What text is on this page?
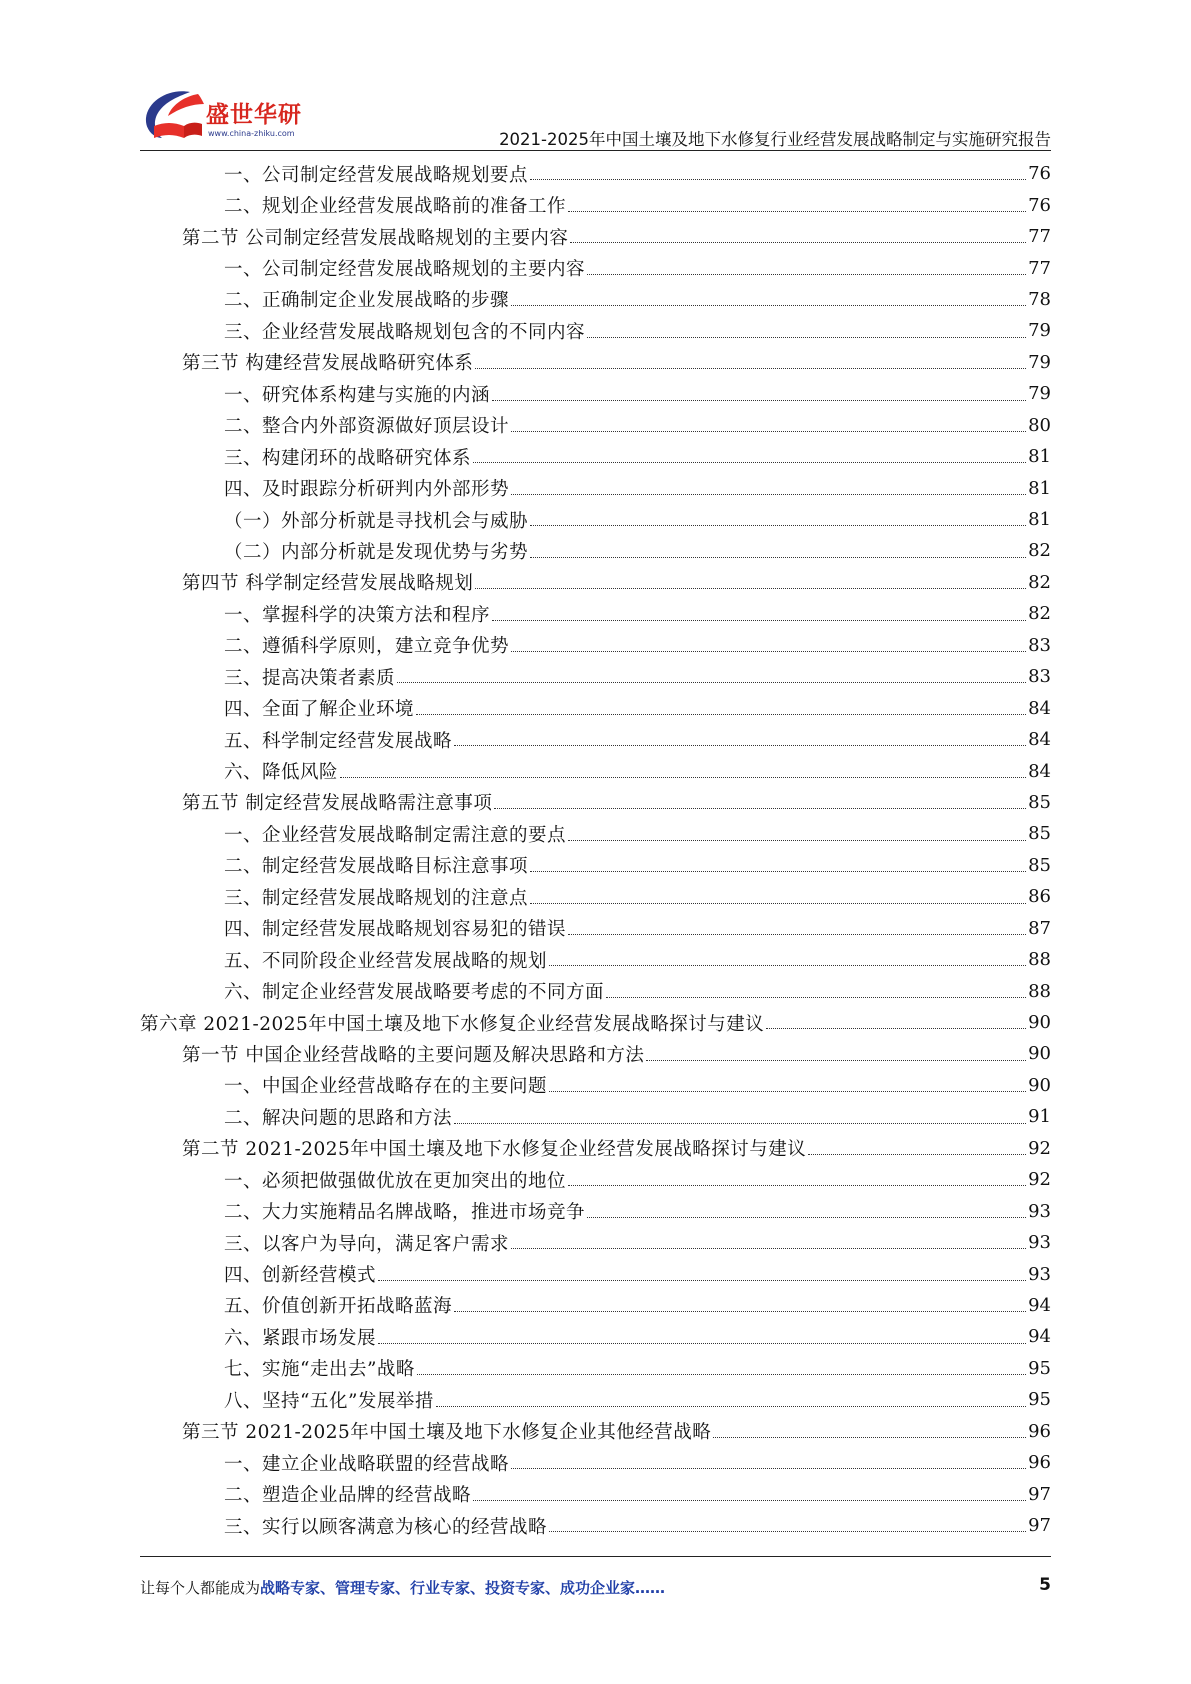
盛世华研
www.china-zhiku.com	2021-2025年中国土壤及地下水修复行业经营发展战略制定与实施研究报告
一、公司制定经营发展战略规划要点	76
二、规划企业经营发展战略前的准备工作	76
第二节 公司制定经营发展战略规划的主要内容	77
一、公司制定经营发展战略规划的主要内容	77
二、正确制定企业发展战略的步骤	78
三、企业经营发展战略规划包含的不同内容	79
第三节 构建经营发展战略研究体系	79
一、研究体系构建与实施的内涵	79
二、整合内外部资源做好顶层设计	80
三、构建闭环的战略研究体系	81
四、及时跟踪分析研判内外部形势	81
（一）外部分析就是寻找机会与威胁	81
（二）内部分析就是发现优势与劣势	82
第四节 科学制定经营发展战略规划	82
一、掌握科学的决策方法和程序	82
二、遵循科学原则，建立竞争优势	83
三、提高决策者素质	83
四、全面了解企业环境	84
五、科学制定经营发展战略	84
六、降低风险	84
第五节 制定经营发展战略需注意事项	85
一、企业经营发展战略制定需注意的要点	85
二、制定经营发展战略目标注意事项	85
三、制定经营发展战略规划的注意点	86
四、制定经营发展战略规划容易犯的错误	87
五、不同阶段企业经营发展战略的规划	88
六、制定企业经营发展战略要考虑的不同方面	88
第六章 2021-2025年中国土壤及地下水修复企业经营发展战略探讨与建议	90
第一节 中国企业经营战略的主要问题及解决思路和方法	90
一、中国企业经营战略存在的主要问题	90
二、解决问题的思路和方法	91
第二节 2021-2025年中国土壤及地下水修复企业经营发展战略探讨与建议	92
一、必须把做强做优放在更加突出的地位	92
二、大力实施精品名牌战略，推进市场竞争	93
三、以客户为导向，满足客户需求	93
四、创新经营模式	93
五、价值创新开拓战略蓝海	94
六、紧跟市场发展	94
七、实施“走出去”战略	95
八、坚持“五化”发展举措	95
第三节 2021-2025年中国土壤及地下水修复企业其他经营战略	96
一、建立企业战略联盟的经营战略	96
二、塑造企业品牌的经营战略	97
三、实行以顾客满意为核心的经营战略	97
让每个人都能成为战略专家、管理专家、行业专家、投资专家、成功企业家……	5
